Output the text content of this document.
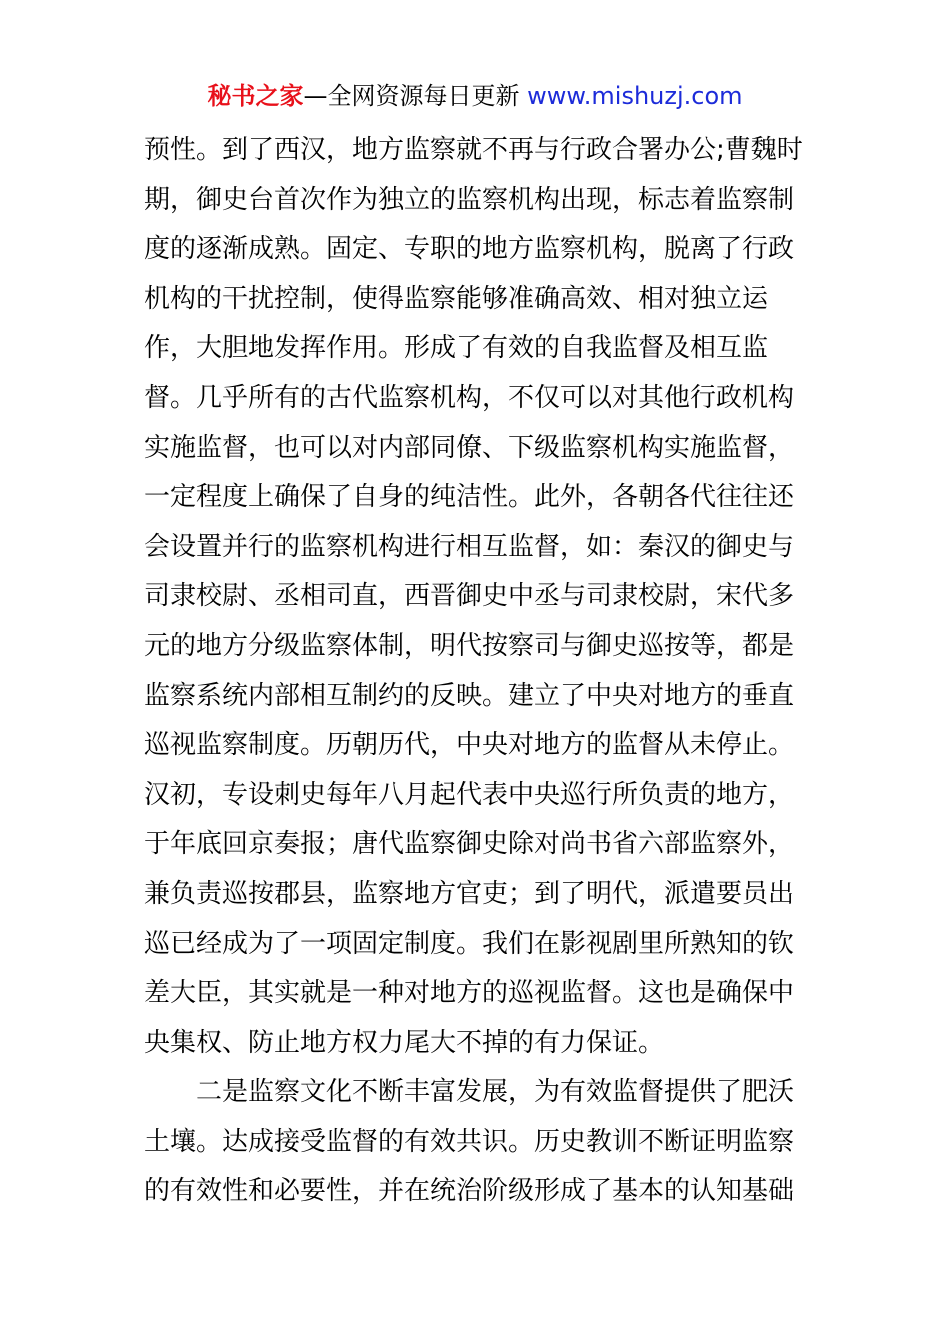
秘书之家—全网资源每日更新 www.mishuzj.com
预性。到了西汉，地方监察就不再与行政合署办公;曹魏时
期，御史台首次作为独立的监察机构出现，标志着监察制
度的逐渐成熟。固定、专职的地方监察机构，脱离了行政
机构的干扰控制，使得监察能够准确高效、相对独立运
作，大胆地发挥作用。形成了有效的自我监督及相互监
督。几乎所有的古代监察机构，不仅可以对其他行政机构
实施监督，也可以对内部同僚、下级监察机构实施监督，
一定程度上确保了自身的纯洁性。此外，各朝各代往往还
会设置并行的监察机构进行相互监督，如：秦汉的御史与
司隶校尉、丞相司直，西晋御史中丞与司隶校尉，宋代多
元的地方分级监察体制，明代按察司与御史巡按等，都是
监察系统内部相互制约的反映。建立了中央对地方的垂直
巡视监察制度。历朝历代，中央对地方的监督从未停止。
汉初，专设刺史每年八月起代表中央巡行所负责的地方，
于年底回京奏报；唐代监察御史除对尚书省六部监察外，
兼负责巡按郡县，监察地方官吏；到了明代，派遣要员出
巡已经成为了一项固定制度。我们在影视剧里所熟知的钦
差大臣，其实就是一种对地方的巡视监督。这也是确保中
央集权、防止地方权力尾大不掉的有力保证。
　　二是监察文化不断丰富发展，为有效监督提供了肥沃
土壤。达成接受监督的有效共识。历史教训不断证明监察
的有效性和必要性，并在统治阶级形成了基本的认知基础
